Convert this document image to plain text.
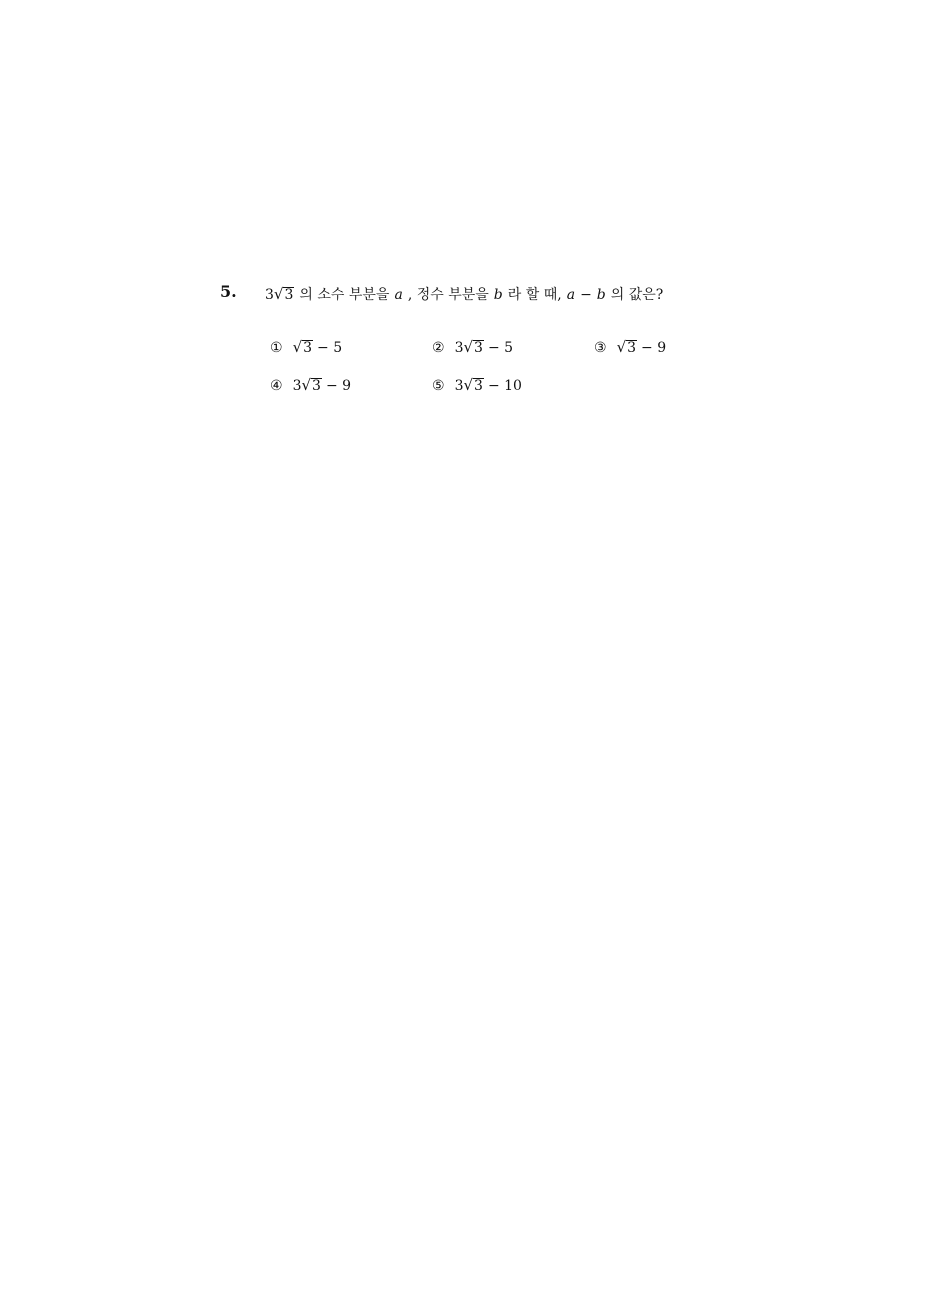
5. 3 √ 3 의 소수 부분을 a , 정수 부분을 b 라 할 때, a − b 의 값은?
① √ 3 − 5	② 3 √ 3 − 5	③ √ 3 − 9
④ 3 √ 3 − 9	⑤ 3 √ 3 − 10
